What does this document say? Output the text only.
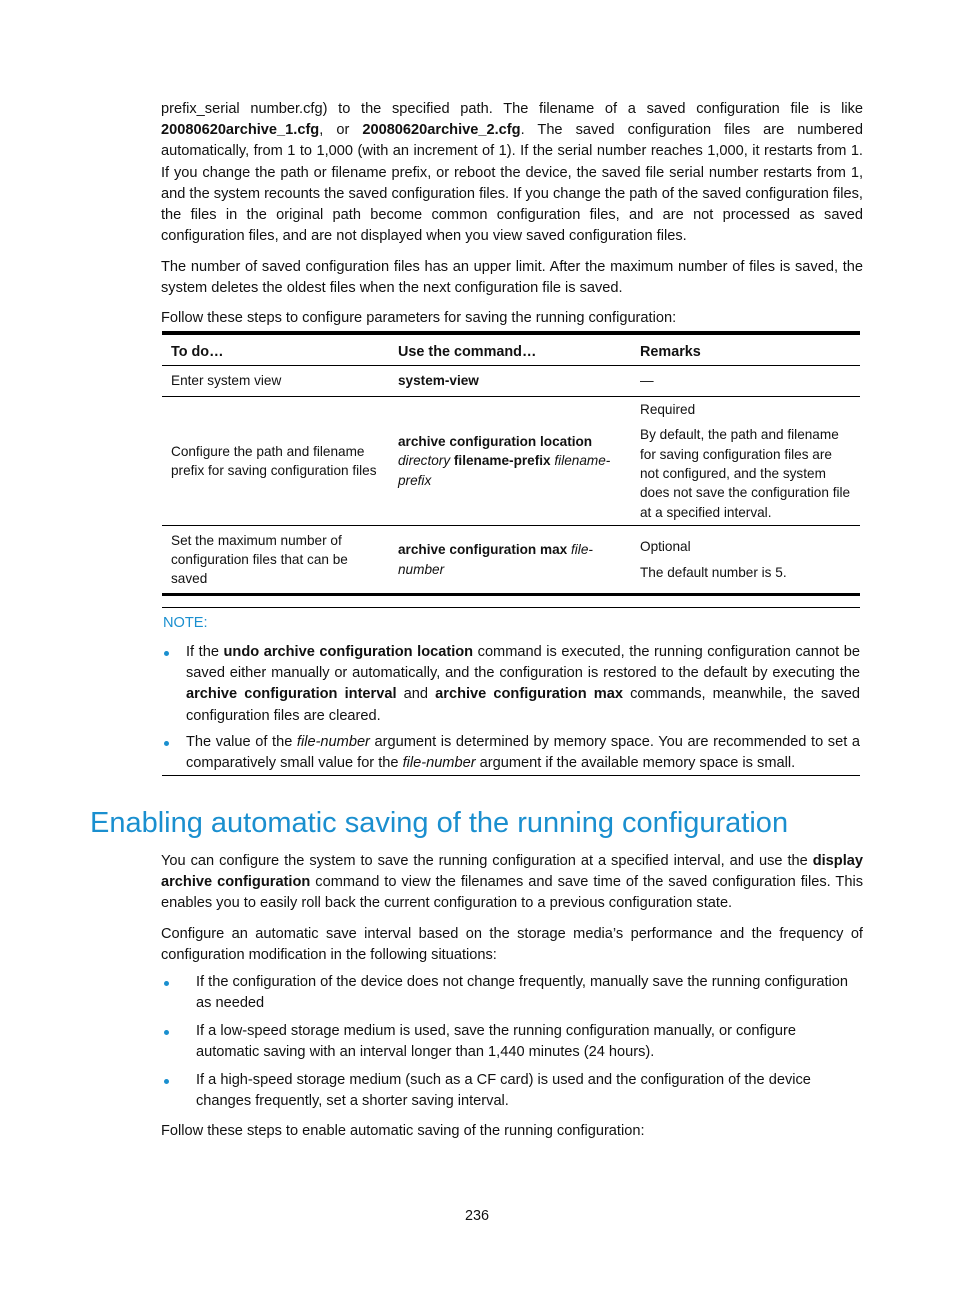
prefix_serial number.cfg) to the specified path. The filename of a saved configuration file is like 20080620archive_1.cfg, or 20080620archive_2.cfg. The saved configuration files are numbered automatically, from 1 to 1,000 (with an increment of 1). If the serial number reaches 1,000, it restarts from 1. If you change the path or filename prefix, or reboot the device, the saved file serial number restarts from 1, and the system recounts the saved configuration files. If you change the path of the saved configuration files, the files in the original path become common configuration files, and are not processed as saved configuration files, and are not displayed when you view saved configuration files.

The number of saved configuration files has an upper limit. After the maximum number of files is saved, the system deletes the oldest files when the next configuration file is saved.

Follow these steps to configure parameters for saving the running configuration:

To do…	Use the command…	Remarks
Enter system view	system-view	—

Configure the path and filename prefix for saving configuration files	archive configuration location directory filename-prefix filename-prefix	Required

By default, the path and filename for saving configuration files are not configured, and the system does not save the configuration file at a specified interval.

Set the maximum number of configuration files that can be saved	archive configuration max file-number	Optional

The default number is 5.

NOTE:
If the undo archive configuration location command is executed, the running configuration cannot be saved either manually or automatically, and the configuration is restored to the default by executing the archive configuration interval and archive configuration max commands, meanwhile, the saved configuration files are cleared.
The value of the file-number argument is determined by memory space. You are recommended to set a comparatively small value for the file-number argument if the available memory space is small.
Enabling automatic saving of the running configuration

You can configure the system to save the running configuration at a specified interval, and use the display archive configuration command to view the filenames and save time of the saved configuration files. This enables you to easily roll back the current configuration to a previous configuration state.

Configure an automatic save interval based on the storage media’s performance and the frequency of configuration modification in the following situations:

If the configuration of the device does not change frequently, manually save the running configuration as needed
If a low-speed storage medium is used, save the running configuration manually, or configure automatic saving with an interval longer than 1,440 minutes (24 hours).
If a high-speed storage medium (such as a CF card) is used and the configuration of the device changes frequently, set a shorter saving interval.

Follow these steps to enable automatic saving of the running configuration:

236
